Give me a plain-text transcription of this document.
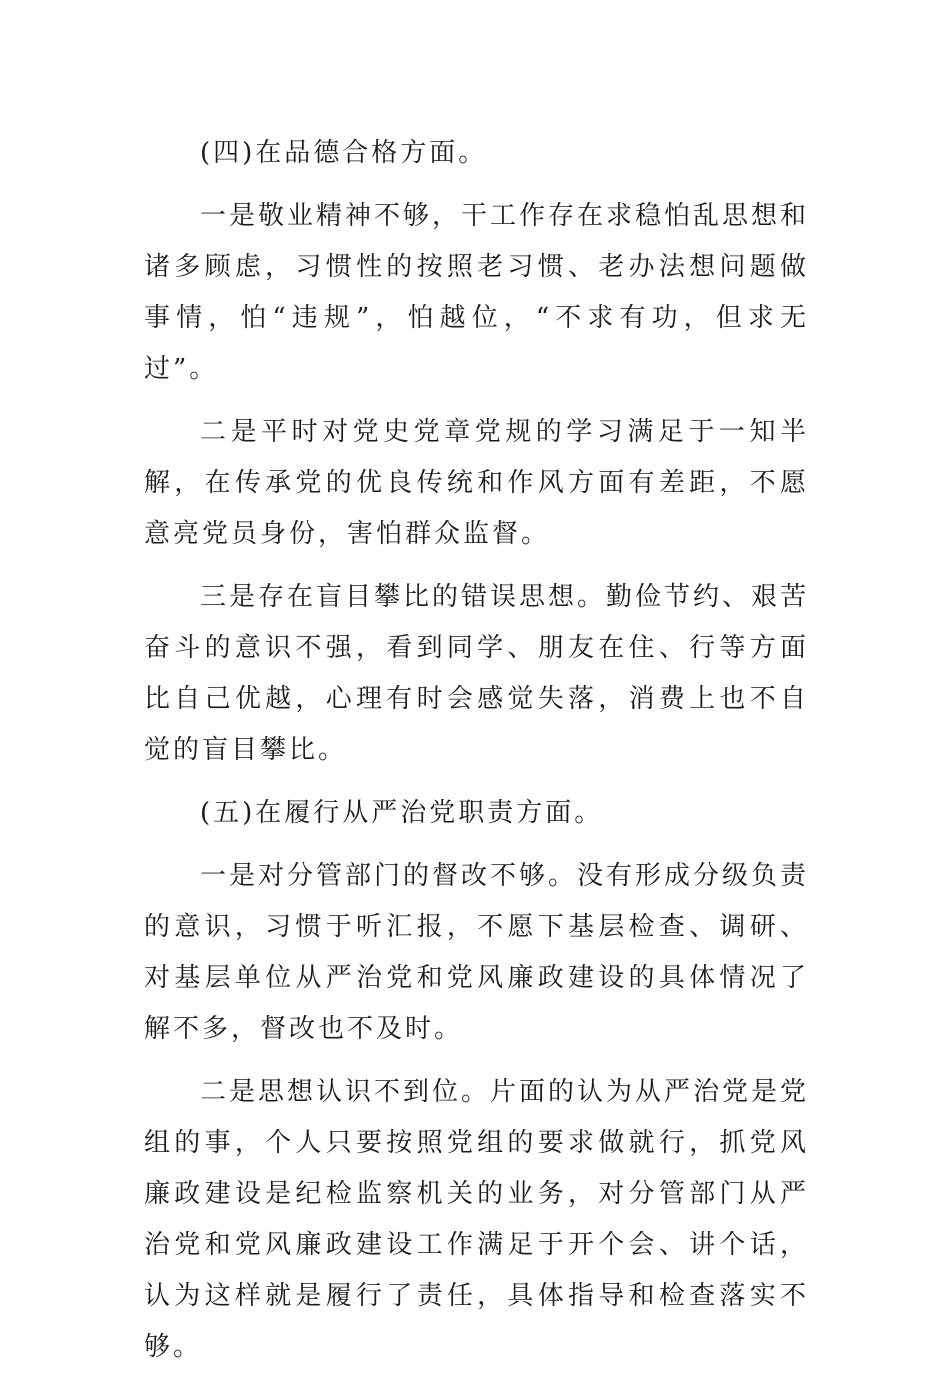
(四)在品德合格方面。

一是敬业精神不够，干工作存在求稳怕乱思想和诸多顾虑，习惯性的按照老习惯、老办法想问题做事情，怕“违规”，怕越位，“不求有功，但求无过”。

二是平时对党史党章党规的学习满足于一知半解，在传承党的优良传统和作风方面有差距，不愿意亮党员身份，害怕群众监督。

三是存在盲目攀比的错误思想。勤俭节约、艰苦奋斗的意识不强，看到同学、朋友在住、行等方面比自己优越，心理有时会感觉失落，消费上也不自觉的盲目攀比。

(五)在履行从严治党职责方面。

一是对分管部门的督改不够。没有形成分级负责的意识，习惯于听汇报，不愿下基层检查、调研、对基层单位从严治党和党风廉政建设的具体情况了解不多，督改也不及时。

二是思想认识不到位。片面的认为从严治党是党组的事，个人只要按照党组的要求做就行，抓党风廉政建设是纪检监察机关的业务，对分管部门从严治党和党风廉政建设工作满足于开个会、讲个话，认为这样就是履行了责任，具体指导和检查落实不够。
